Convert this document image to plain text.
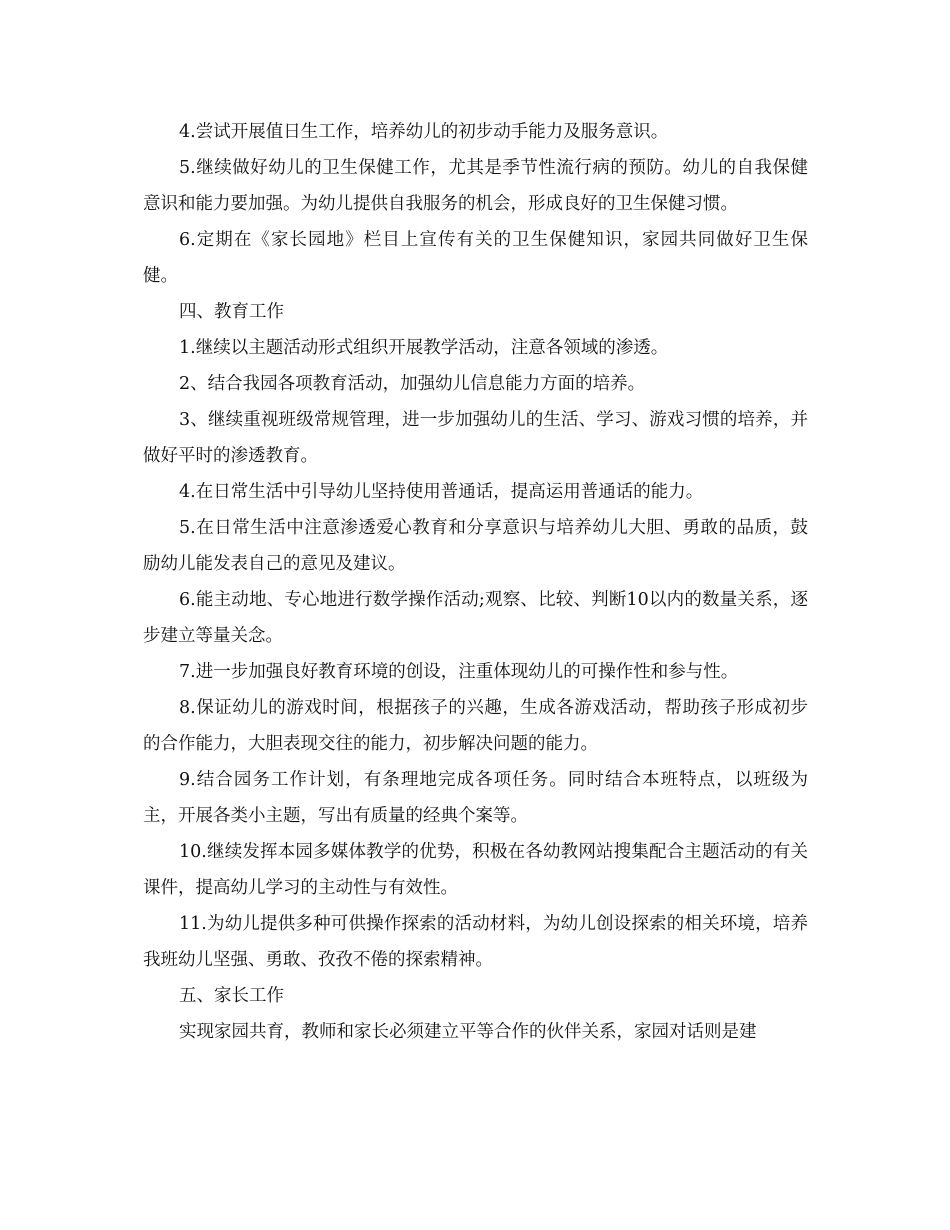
4.尝试开展值日生工作，培养幼儿的初步动手能力及服务意识。

5.继续做好幼儿的卫生保健工作，尤其是季节性流行病的预防。幼儿的自我保健意识和能力要加强。为幼儿提供自我服务的机会，形成良好的卫生保健习惯。

6.定期在《家长园地》栏目上宣传有关的卫生保健知识，家园共同做好卫生保健。

四、教育工作

1.继续以主题活动形式组织开展教学活动，注意各领域的渗透。

2、结合我园各项教育活动，加强幼儿信息能力方面的培养。

3、继续重视班级常规管理，进一步加强幼儿的生活、学习、游戏习惯的培养，并做好平时的渗透教育。

4.在日常生活中引导幼儿坚持使用普通话，提高运用普通话的能力。

5.在日常生活中注意渗透爱心教育和分享意识与培养幼儿大胆、勇敢的品质，鼓励幼儿能发表自己的意见及建议。

6.能主动地、专心地进行数学操作活动;观察、比较、判断10以内的数量关系，逐步建立等量关念。

7.进一步加强良好教育环境的创设，注重体现幼儿的可操作性和参与性。

8.保证幼儿的游戏时间，根据孩子的兴趣，生成各游戏活动，帮助孩子形成初步的合作能力，大胆表现交往的能力，初步解决问题的能力。

9.结合园务工作计划，有条理地完成各项任务。同时结合本班特点，以班级为主，开展各类小主题，写出有质量的经典个案等。

10.继续发挥本园多媒体教学的优势，积极在各幼教网站搜集配合主题活动的有关课件，提高幼儿学习的主动性与有效性。

11.为幼儿提供多种可供操作探索的活动材料，为幼儿创设探索的相关环境，培养我班幼儿坚强、勇敢、孜孜不倦的探索精神。

五、家长工作

实现家园共育，教师和家长必须建立平等合作的伙伴关系，家园对话则是建
